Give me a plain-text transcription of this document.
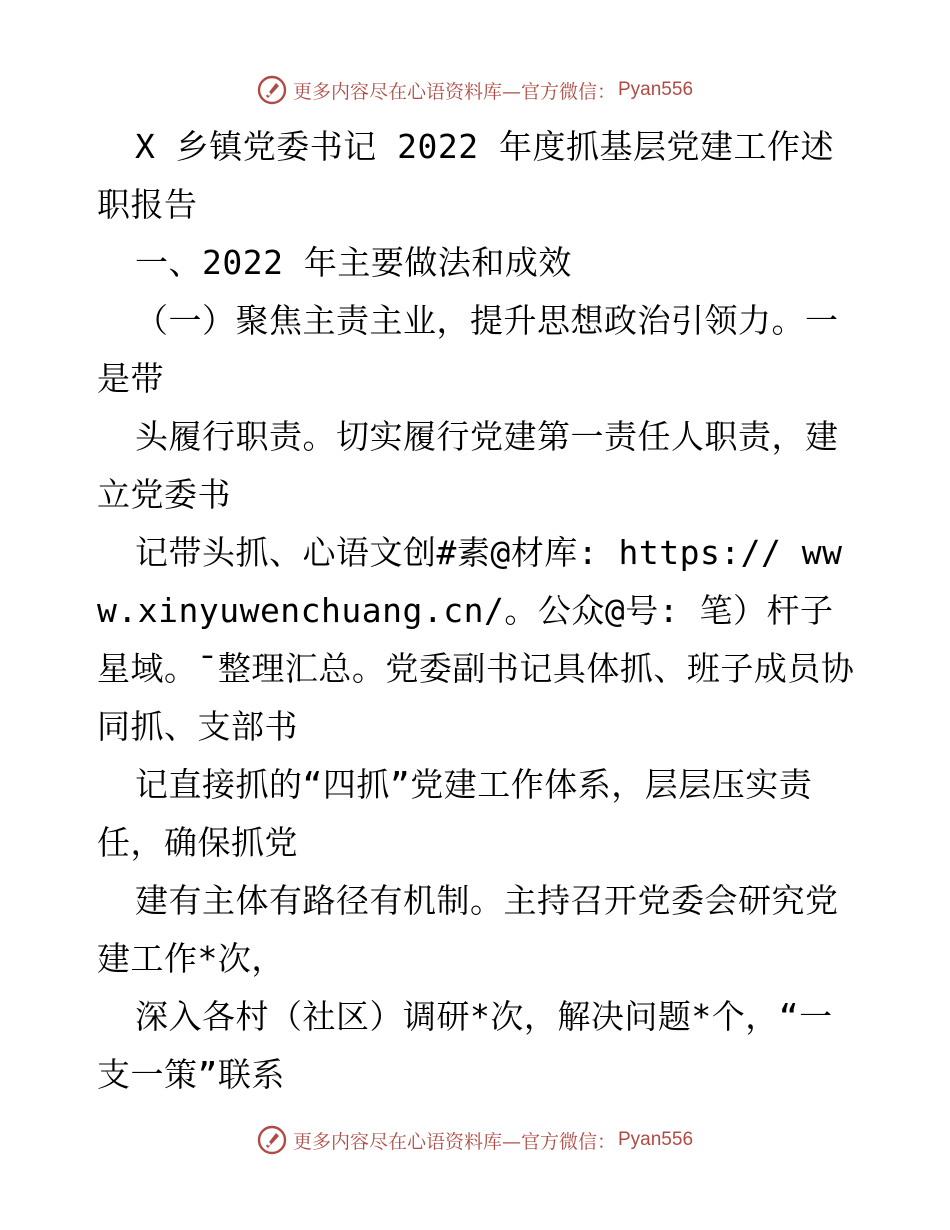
更多内容尽在心语资料库—官方微信： Pyan556

X 乡镇党委书记 2022 年度抓基层党建工作述职报告

一、2022 年主要做法和成效

（一）聚焦主责主业，提升思想政治引领力。一是带

头履行职责。切实履行党建第一责任人职责，建立党委书

记带头抓、心语文创#素@材库: https:// www.xinyuwenchuang.cn/。公众@号: 笔）杆子星域。¯整理汇总。党委副书记具体抓、班子成员协同抓、支部书

记直接抓的“四抓”党建工作体系，层层压实责任，确保抓党

建有主体有路径有机制。主持召开党委会研究党建工作*次，

深入各村（社区）调研*次，解决问题*个，“一支一策”联系

更多内容尽在心语资料库—官方微信： Pyan556
